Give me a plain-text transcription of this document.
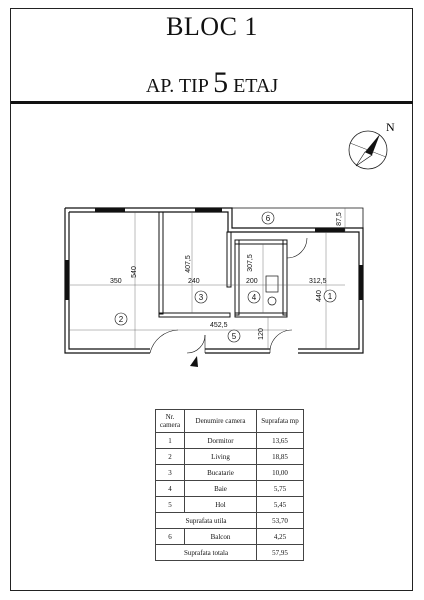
BLOC 1
AP. TIP 5 ETAJ
N
350
540	407,5
240
307,5
200	312,5
440
87,5
452,5
120
1
2
3	4
5
6
Nr. camera	Denumire camera	Suprafata mp
1	Dormitor	13,65
2	Living	18,85
3	Bucatarie	10,00
4	Baie	5,75
5	Hol	5,45
Suprafata utila		53,70
6	Balcon	4,25
Suprafata totala		57,95
